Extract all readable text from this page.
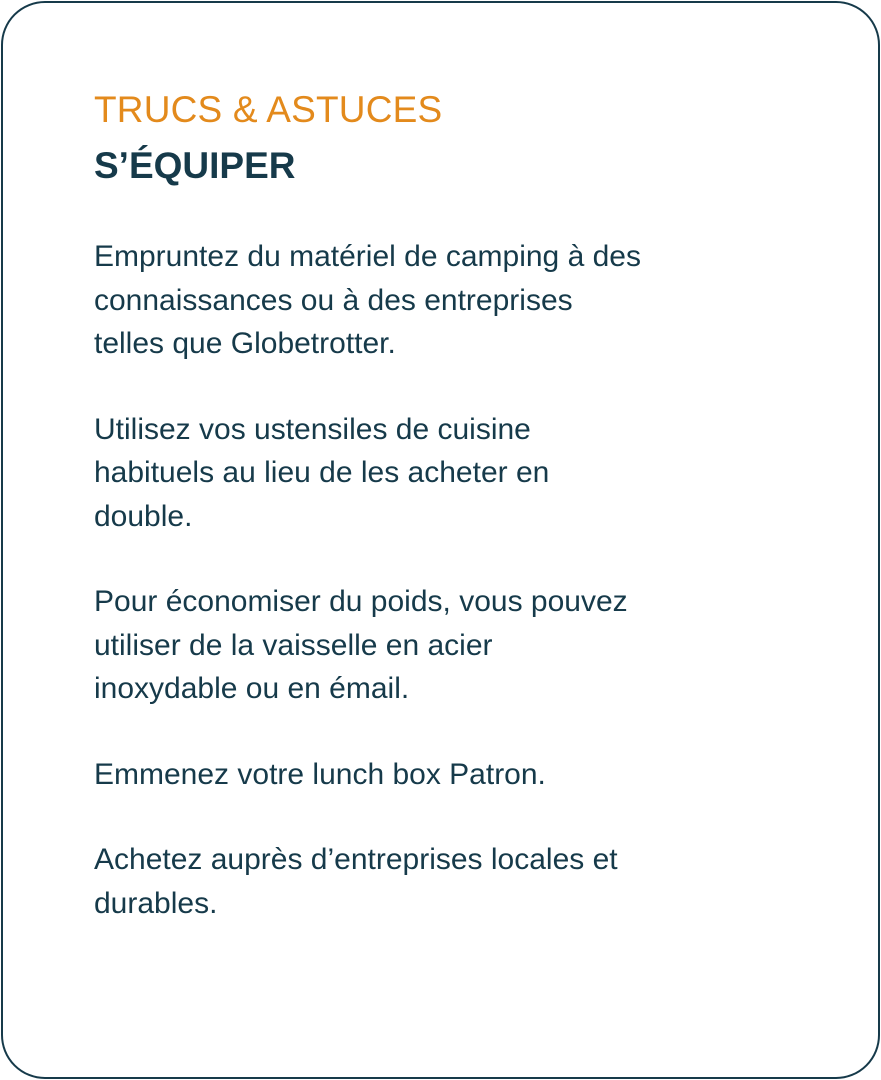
TRUCS & ASTUCES
S’ÉQUIPER
Empruntez du matériel de camping à des
connaissances ou à des entreprises
telles que Globetrotter.
Utilisez vos ustensiles de cuisine
habituels au lieu de les acheter en
double.
Pour économiser du poids, vous pouvez
utiliser de la vaisselle en acier
inoxydable ou en émail.
Emmenez votre lunch box Patron.
Achetez auprès d’entreprises locales et
durables.
